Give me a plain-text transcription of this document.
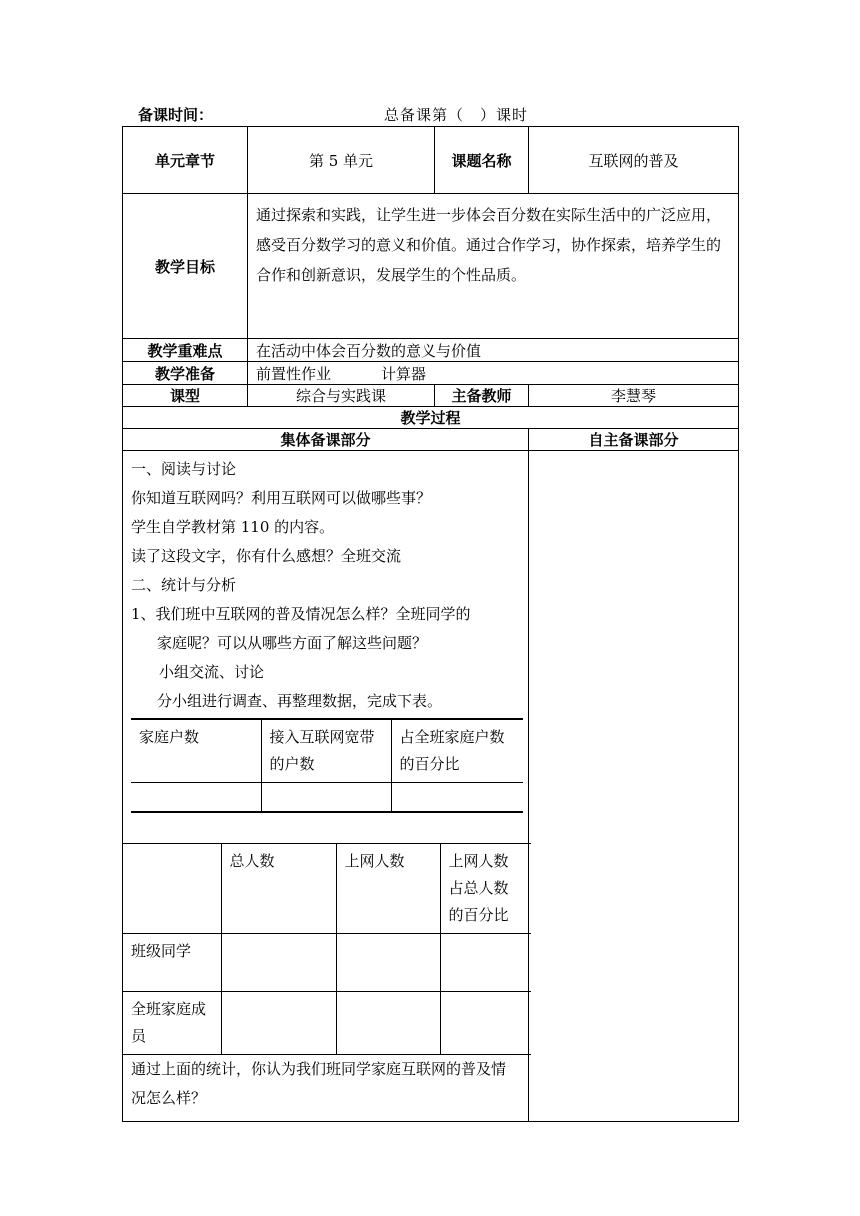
备课时间：	总备课第（　）课时
单元章节	第 5 单元	课题名称	互联网的普及
教学目标	通过探索和实践，让学生进一步体会百分数在实际生活中的广泛应用，感受百分数学习的意义和价值。通过合作学习，协作探索，培养学生的合作和创新意识，发展学生的个性品质。
教学重难点	在活动中体会百分数的意义与价值
教学准备	前置性作业	计算器
课型	综合与实践课	主备教师	李慧琴
教学过程
集体备课部分	自主备课部分

一、阅读与讨论
你知道互联网吗？利用互联网可以做哪些事？
学生自学教材第 110 的内容。
读了这段文字，你有什么感想？全班交流
二、统计与分析
1、我们班中互联网的普及情况怎么样？全班同学的
家庭呢？可以从哪些方面了解这些问题？
小组交流、讨论
分小组进行调查、再整理数据，完成下表。
家庭户数	接入互联网宽带的户数	占全班家庭户数的百分比

	总人数	上网人数	上网人数占总人数的百分比
班级同学			
全班家庭成员			
通过上面的统计，你认为我们班同学家庭互联网的普及情况怎么样？
